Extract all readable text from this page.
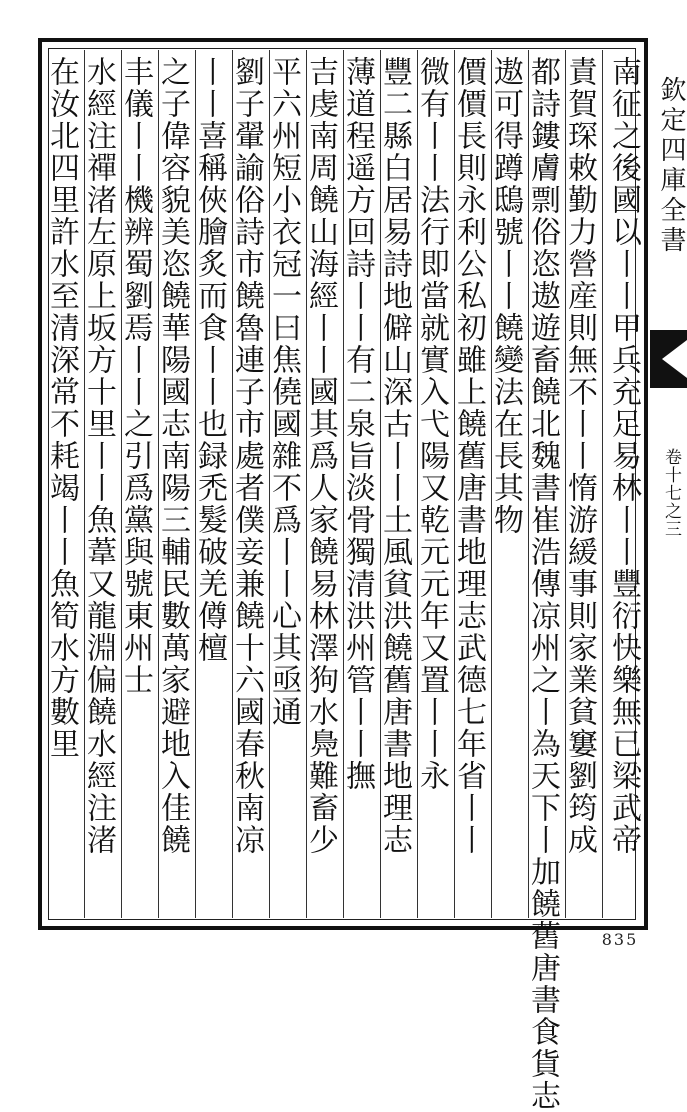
南征之後國以丨丨甲兵充足易林丨丨豐衍快樂無已梁武帝
責賀琛敕勤力營産則無不丨丨惰游緩事則家業貧窶劉筠成
都詩鏤膚剽俗恣遨遊畜饒北魏書崔浩傳凉州之丨為天下丨加饒舊唐書食貨志
遨可得蹲鴟號丨丨饒變法在長其物
價價長則永利公私初雖上饒舊唐書地理志武德七年省丨丨
微有丨丨法行即當就實入弋陽又乾元元年又置丨丨永
豐二縣白居易詩地僻山深古丨丨土風貧洪饒舊唐書地理志
薄道程遥方回詩丨丨有二泉旨淡骨獨清洪州管丨丨撫
吉虔南周饒山海經丨丨國其爲人家饒易林澤狗水鳧難畜少
平六州短小衣冠一曰焦僥國雜不爲丨丨心其亟通
劉子翬諭俗詩市饒魯連子市處者僕妾兼饒十六國春秋南凉
丨丨喜稱俠膾炙而食丨丨也録禿髮破羌僔檀
之子偉容貌美恣饒華陽國志南陽三輔民數萬家避地入佳饒
丰儀丨丨機辨蜀劉焉丨丨之引爲黨與號東州士
水經注禪渚左原上坂方十里丨丨魚葦又龍淵偏饒水經注渚
在汝北四里許水至清深常不耗竭丨丨魚筍水方數里	欽定四庫全書
卷十七之三
835
